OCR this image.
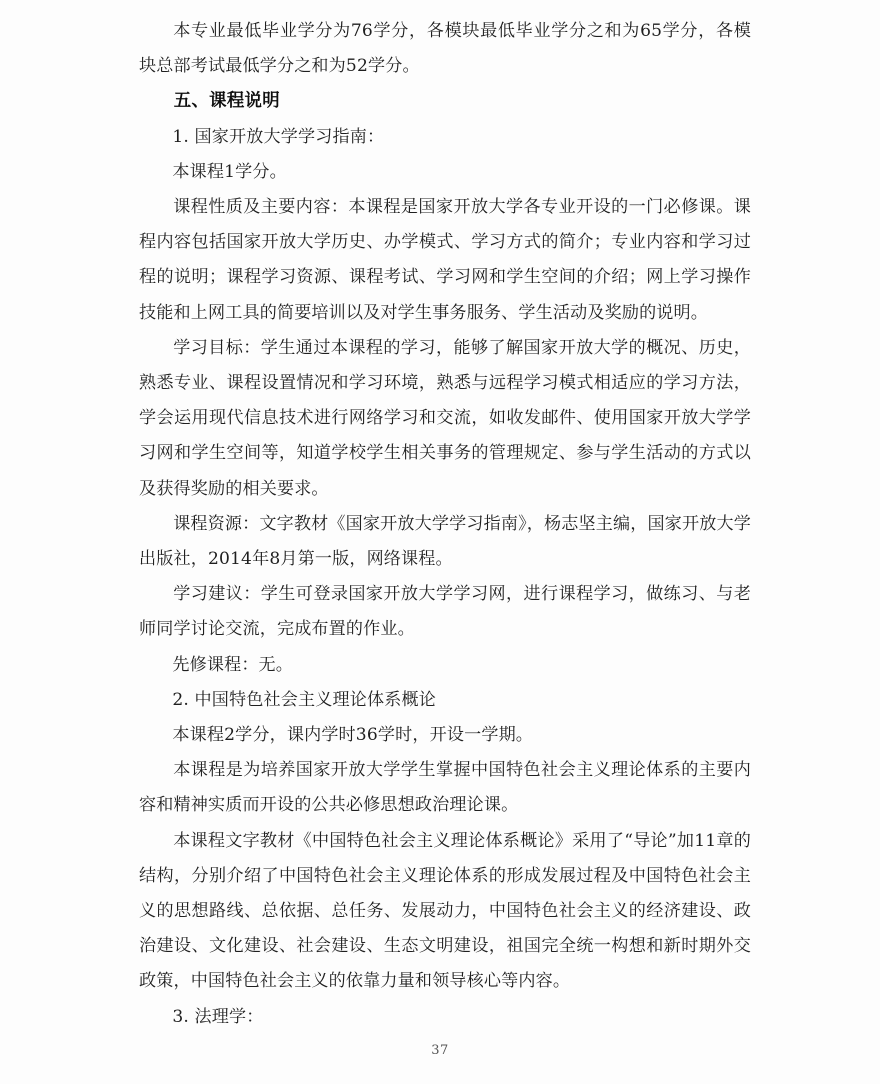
本专业最低毕业学分为76学分，各模块最低毕业学分之和为65学分，各模块总部考试最低学分之和为52学分。

五、课程说明

1. 国家开放大学学习指南：

本课程1学分。

课程性质及主要内容：本课程是国家开放大学各专业开设的一门必修课。课程内容包括国家开放大学历史、办学模式、学习方式的简介；专业内容和学习过程的说明；课程学习资源、课程考试、学习网和学生空间的介绍；网上学习操作技能和上网工具的简要培训以及对学生事务服务、学生活动及奖励的说明。

学习目标：学生通过本课程的学习，能够了解国家开放大学的概况、历史，熟悉专业、课程设置情况和学习环境，熟悉与远程学习模式相适应的学习方法，学会运用现代信息技术进行网络学习和交流，如收发邮件、使用国家开放大学学习网和学生空间等，知道学校学生相关事务的管理规定、参与学生活动的方式以及获得奖励的相关要求。

课程资源：文字教材《国家开放大学学习指南》，杨志坚主编，国家开放大学出版社，2014年8月第一版，网络课程。

学习建议：学生可登录国家开放大学学习网，进行课程学习，做练习、与老师同学讨论交流，完成布置的作业。

先修课程：无。

2. 中国特色社会主义理论体系概论

本课程2学分，课内学时36学时，开设一学期。

本课程是为培养国家开放大学学生掌握中国特色社会主义理论体系的主要内容和精神实质而开设的公共必修思想政治理论课。

本课程文字教材《中国特色社会主义理论体系概论》采用了“导论”加11章的结构，分别介绍了中国特色社会主义理论体系的形成发展过程及中国特色社会主义的思想路线、总依据、总任务、发展动力，中国特色社会主义的经济建设、政治建设、文化建设、社会建设、生态文明建设，祖国完全统一构想和新时期外交政策，中国特色社会主义的依靠力量和领导核心等内容。

3. 法理学：

37
